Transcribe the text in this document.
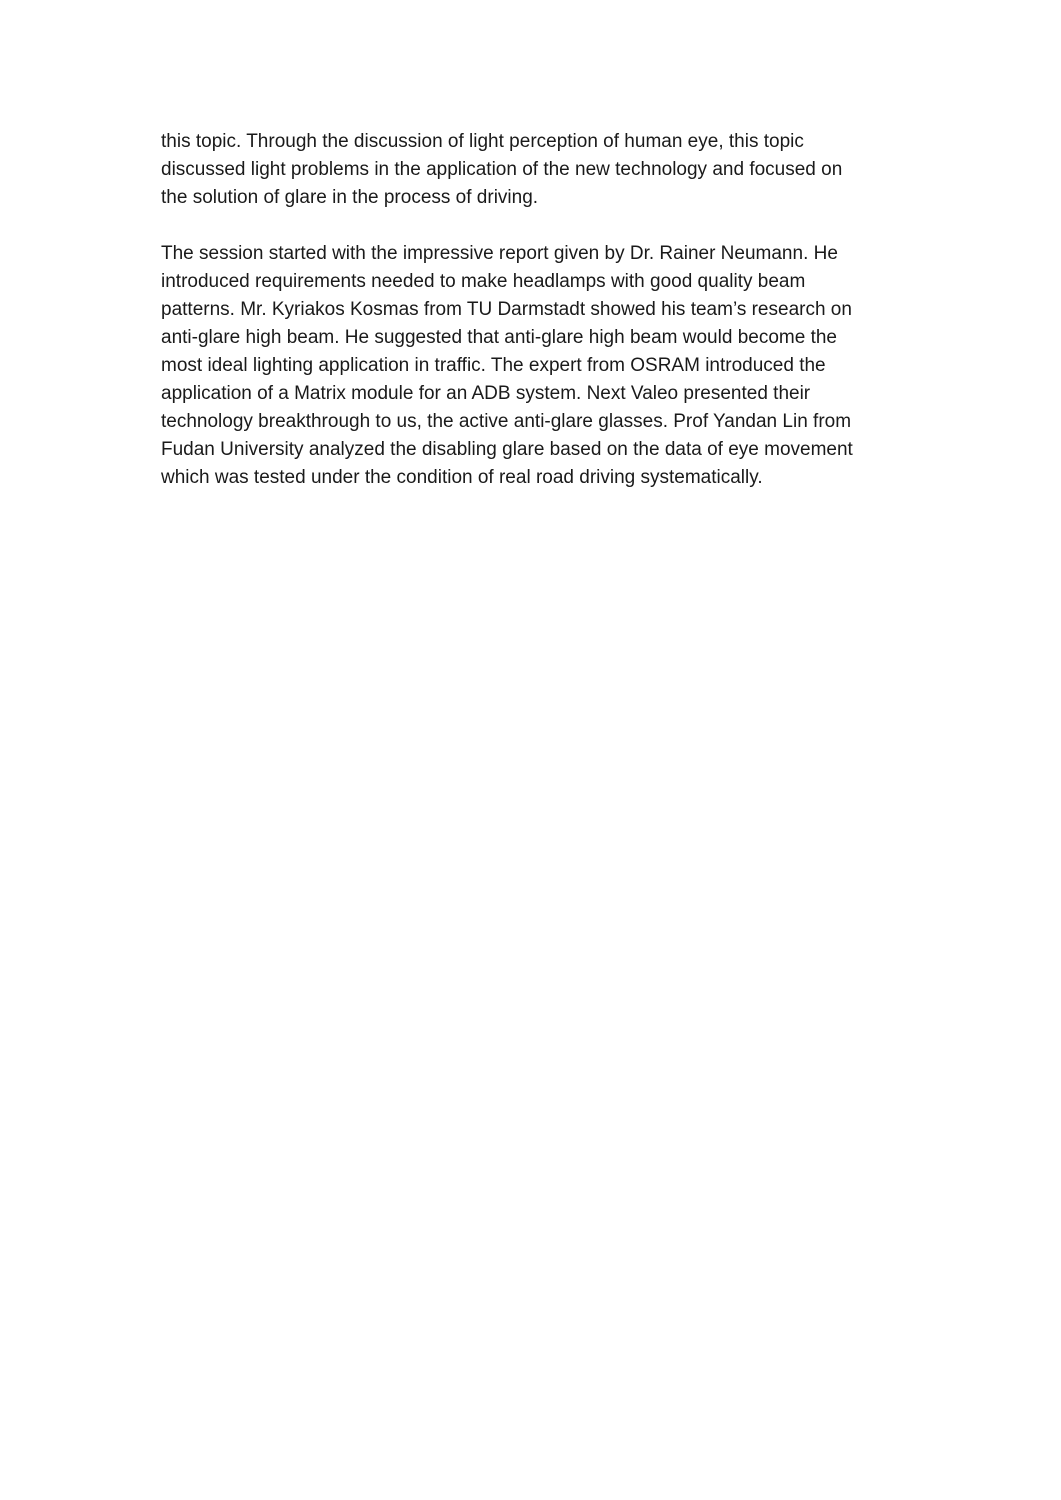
this topic. Through the discussion of light perception of human eye, this topic
discussed light problems in the application of the new technology and focused on
the solution of glare in the process of driving.

The session started with the impressive report given by Dr. Rainer Neumann. He
introduced requirements needed to make headlamps with good quality beam
patterns. Mr. Kyriakos Kosmas from TU Darmstadt showed his team’s research on
anti-glare high beam. He suggested that anti-glare high beam would become the
most ideal lighting application in traffic. The expert from OSRAM introduced the
application of a Matrix module for an ADB system. Next Valeo presented their
technology breakthrough to us, the active anti-glare glasses. Prof Yandan Lin from
Fudan University analyzed the disabling glare based on the data of eye movement
which was tested under the condition of real road driving systematically.
